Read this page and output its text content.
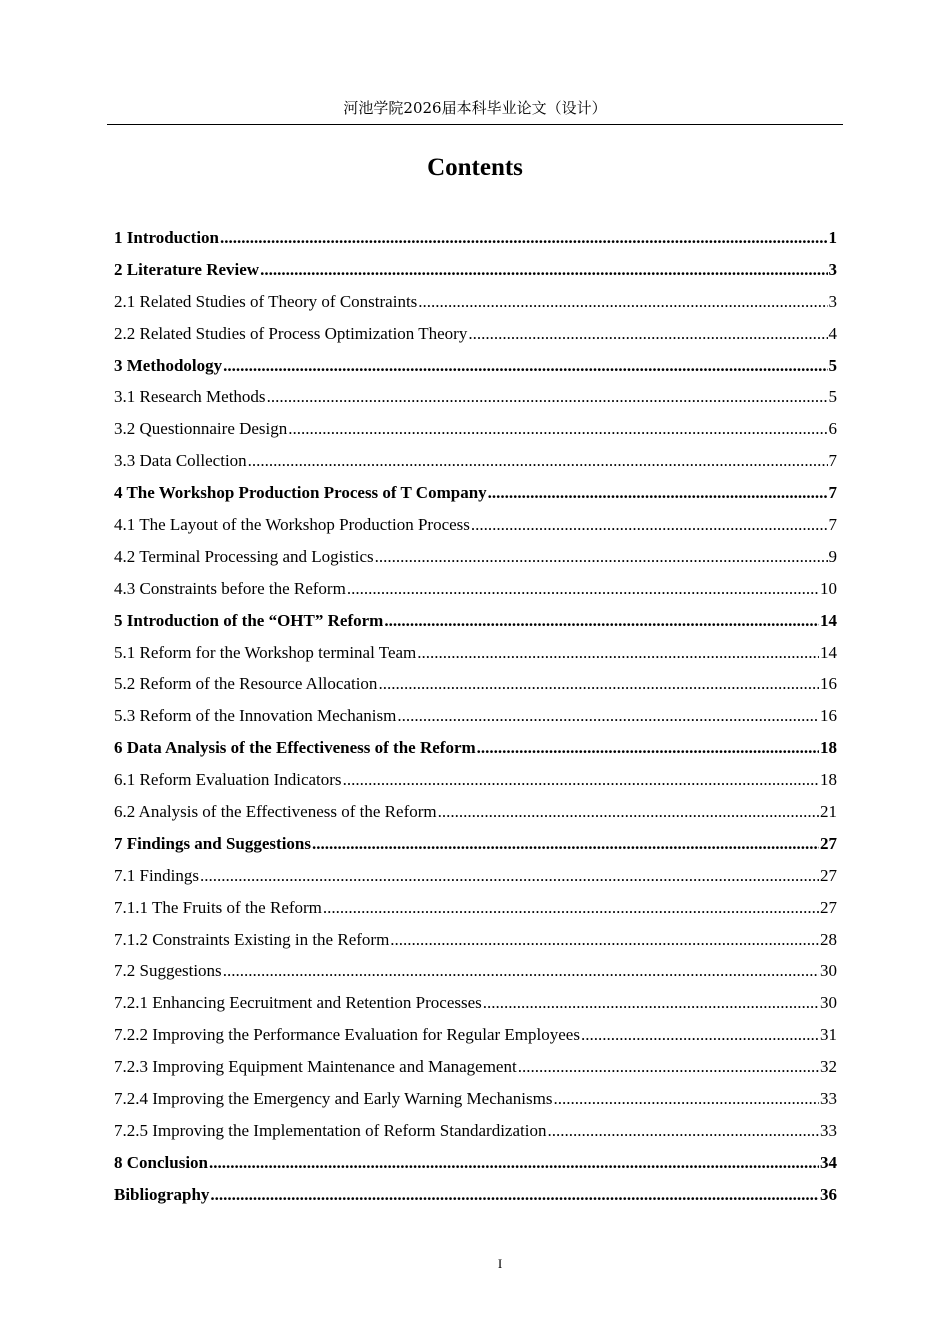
河池学院2026届本科毕业论文（设计）
Contents
1 Introduction .....	1
2 Literature Review .....	3
2.1 Related Studies of Theory of Constraints .....	3
2.2 Related Studies of Process Optimization Theory .....	4
3 Methodology .....	5
3.1 Research Methods .....	5
3.2 Questionnaire Design .....	6
3.3 Data Collection .....	7
4 The Workshop Production Process of T Company .....	7
4.1 The Layout of the Workshop Production Process .....	7
4.2 Terminal Processing and Logistics .....	9
4.3 Constraints before the Reform .....	10
5 Introduction of the “OHT” Reform .....	14
5.1 Reform for the Workshop terminal Team .....	14
5.2 Reform of the Resource Allocation .....	16
5.3 Reform of the Innovation Mechanism .....	16
6 Data Analysis of the Effectiveness of the Reform .....	18
6.1 Reform Evaluation Indicators .....	18
6.2 Analysis of the Effectiveness of the Reform .....	21
7 Findings and Suggestions .....	27
7.1 Findings .....	27
7.1.1 The Fruits of the Reform .....	27
7.1.2 Constraints Existing in the Reform .....	28
7.2 Suggestions .....	30
7.2.1 Enhancing Eecruitment and Retention Processes .....	30
7.2.2 Improving the Performance Evaluation for Regular Employees .....	31
7.2.3 Improving Equipment Maintenance and Management .....	32
7.2.4 Improving the Emergency and Early Warning Mechanisms .....	33
7.2.5 Improving the Implementation of Reform Standardization .....	33
8 Conclusion .....	34
Bibliography .....	36
I
